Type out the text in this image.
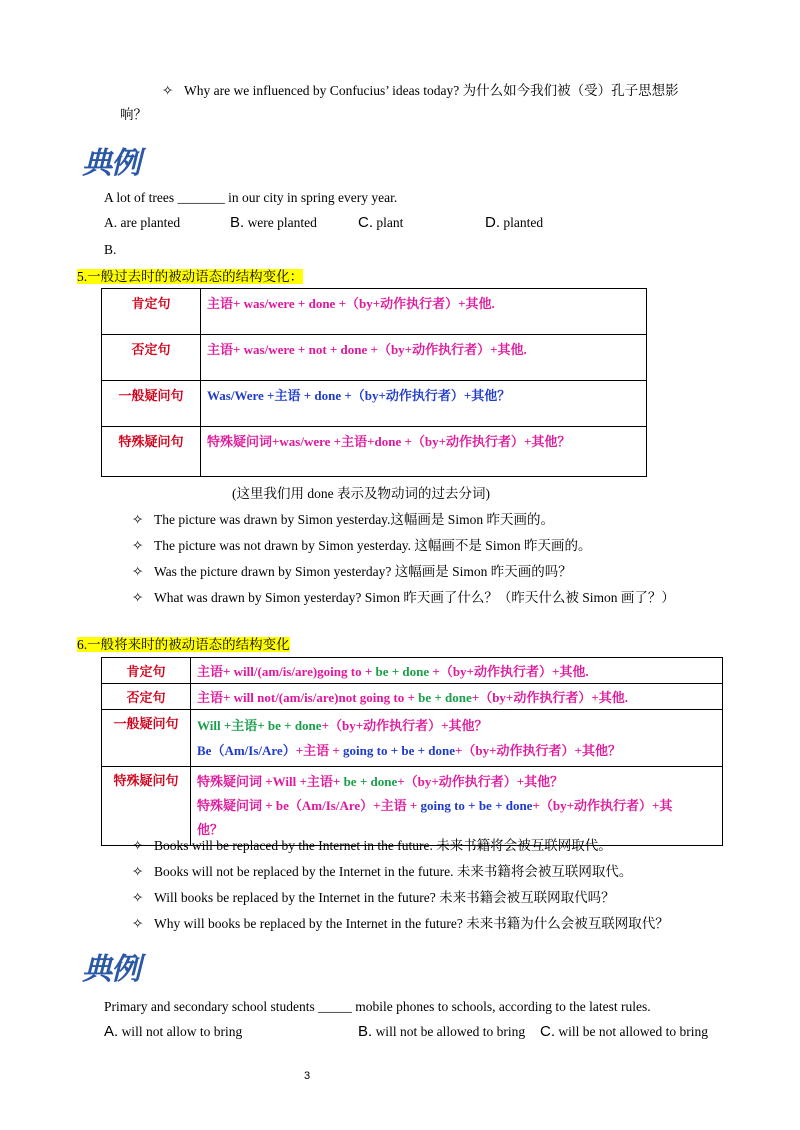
✧ Why are we influenced by Confucius’ ideas today? 为什么如今我们被（受）孔子思想影
响？
典例
A lot of trees _______ in our city in spring every year.
A. are planted	B. were planted	C. plant	D. planted
B.
5.一般过去时的被动语态的结构变化：
肯定句	主语+ was/were + done +（by+动作执行者）+其他.
否定句	主语+ was/were + not + done +（by+动作执行者）+其他.
一般疑问句	Was/Were +主语 + done +（by+动作执行者）+其他？
特殊疑问句	特殊疑问词+was/were +主语+done +（by+动作执行者）+其他？
(这里我们用 done 表示及物动词的过去分词)
✧ The picture was drawn by Simon yesterday.这幅画是 Simon 昨天画的。
✧ The picture was not drawn by Simon yesterday. 这幅画不是 Simon 昨天画的。
✧ Was the picture drawn by Simon yesterday? 这幅画是 Simon 昨天画的吗？
✧ What was drawn by Simon yesterday? Simon 昨天画了什么？（昨天什么被 Simon 画了？）
6.一般将来时的被动语态的结构变化
肯定句	主语+ will/(am/is/are)going to + be + done +（by+动作执行者）+其他.
否定句	主语+ will not/(am/is/are)not going to + be + done+（by+动作执行者）+其他.
一般疑问句	Will +主语+ be + done+（by+动作执行者）+其他？
Be（Am/Is/Are）+主语 + going to + be + done+（by+动作执行者）+其他？

特殊疑问句	特殊疑问词 +Will +主语+ be + done+（by+动作执行者）+其他？
特殊疑问词 + be（Am/Is/Are）+主语 + going to + be + done+（by+动作执行者）+其
他？
✧ Books will be replaced by the Internet in the future. 未来书籍将会被互联网取代。
✧ Books will not be replaced by the Internet in the future. 未来书籍将会被互联网取代。
✧ Will books be replaced by the Internet in the future? 未来书籍会被互联网取代吗？
✧ Why will books be replaced by the Internet in the future? 未来书籍为什么会被互联网取代？
典例
Primary and secondary school students _____ mobile phones to schools, according to the latest rules.
A. will not allow to bring	B. will not be allowed to bring C. will be not allowed to bring
3
